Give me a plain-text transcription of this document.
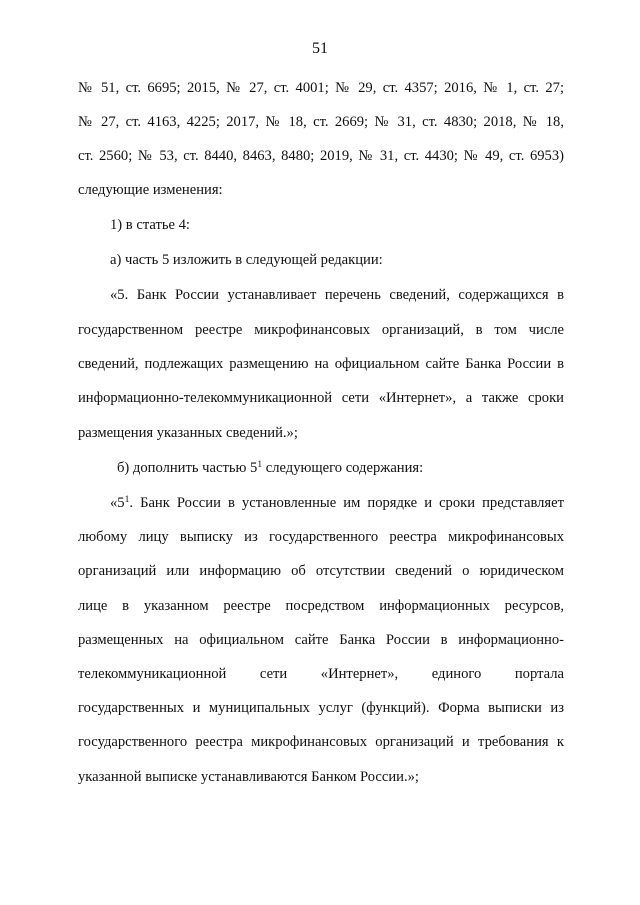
51
№ 51, ст. 6695; 2015, № 27, ст. 4001; № 29, ст. 4357; 2016, № 1, ст. 27;
№ 27, ст. 4163, 4225; 2017, № 18, ст. 2669; № 31, ст. 4830; 2018, № 18,
ст. 2560; № 53, ст. 8440, 8463, 8480; 2019, № 31, ст. 4430; № 49, ст. 6953)
следующие изменения:
1) в статье 4:
а) часть 5 изложить в следующей редакции:
«5. Банк России устанавливает перечень сведений, содержащихся в
государственном реестре микрофинансовых организаций, в том числе
сведений, подлежащих размещению на официальном сайте Банка России в
информационно-телекоммуникационной сети «Интернет», а также сроки
размещения указанных сведений.»;
б) дополнить частью $5^1$ следующего содержания:
«$5^1$. Банк России в установленные им порядке и сроки представляет
любому лицу выписку из государственного реестра микрофинансовых
организаций или информацию об отсутствии сведений о юридическом
лице в указанном реестре посредством информационных ресурсов,
размещенных на официальном сайте Банка России в информационно-
телекоммуникационной сети «Интернет», единого портала
государственных и муниципальных услуг (функций). Форма выписки из
государственного реестра микрофинансовых организаций и требования к
указанной выписке устанавливаются Банком России.»;
